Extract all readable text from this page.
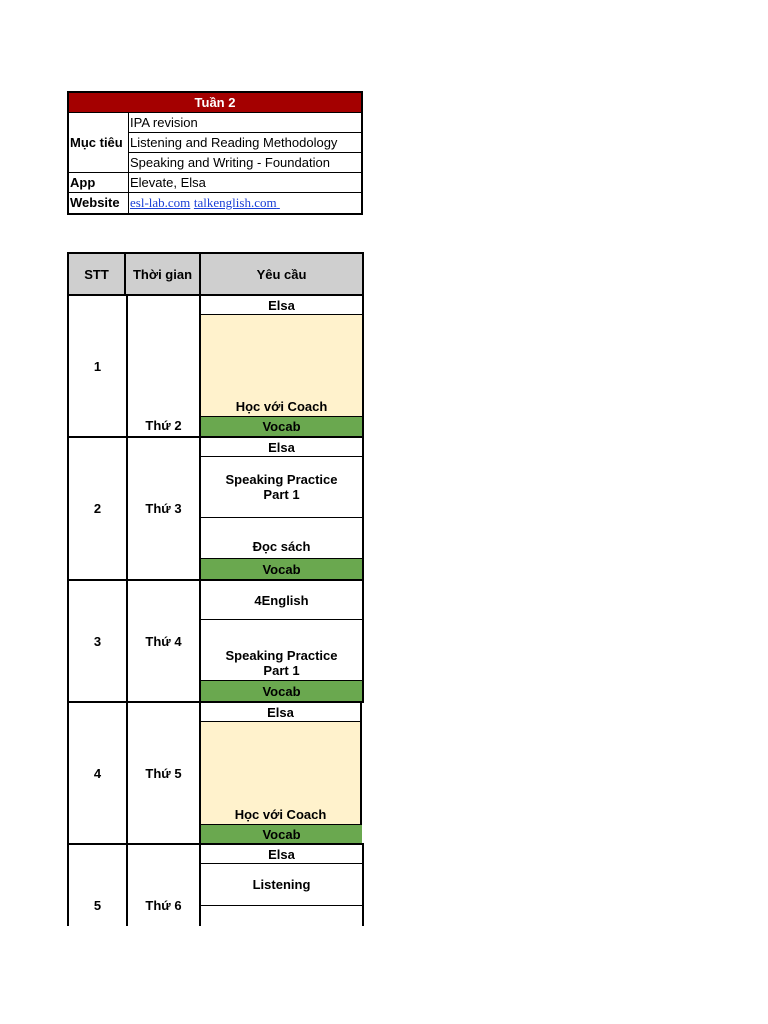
Tuần 2
Mục tiêu
IPA revision
Listening and Reading Methodology
Speaking and Writing - Foundation
App	Elevate, Elsa
Website esl-lab.com talkenglish.com
STT	Thời gian	Yêu cầu
1
Thứ 2
Elsa
Học với Coach
Vocab
2	Thứ 3
Elsa
Speaking Practice Part 1
Đọc sách
Vocab
3	Thứ 4
4English
Speaking Practice Part 1
Vocab
4	Thứ 5
Elsa
Học với Coach
Vocab
5	Thứ 6
Elsa
Listening
